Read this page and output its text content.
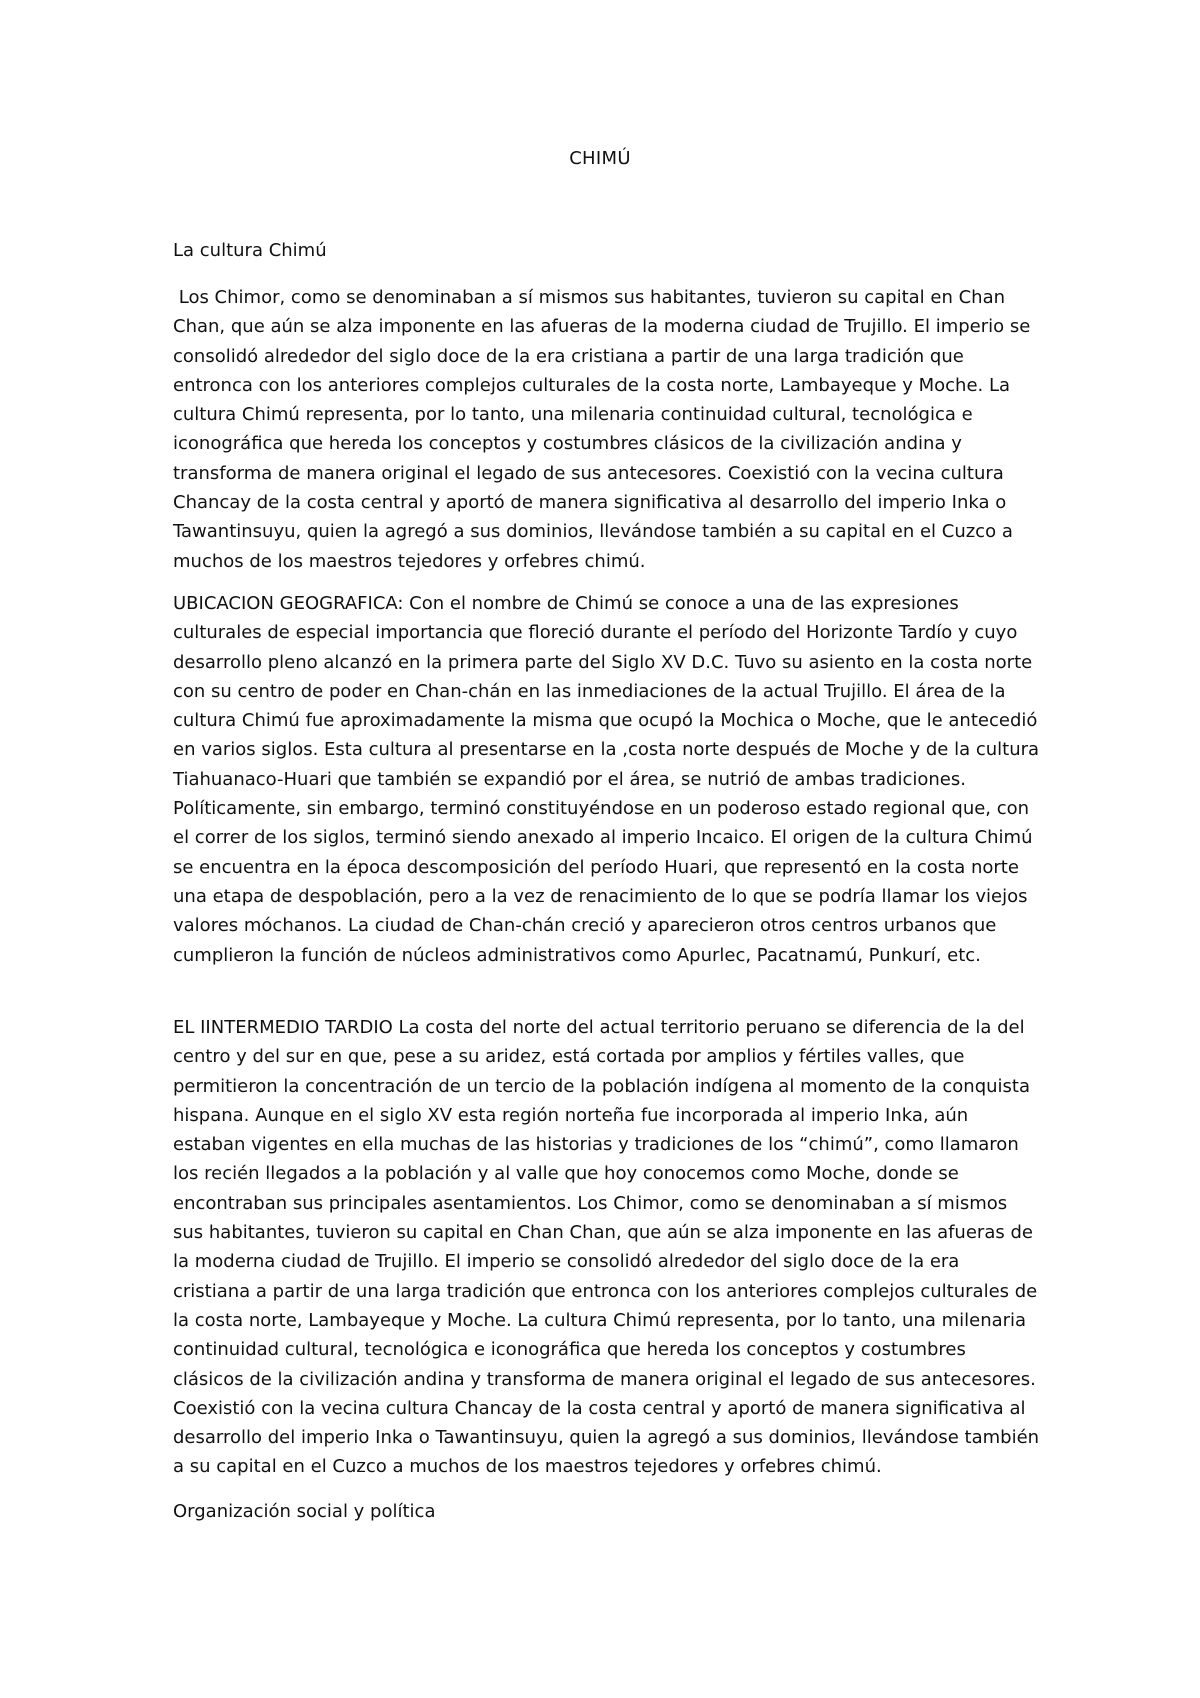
CHIMÚ

La cultura Chimú

Los Chimor, como se denominaban a sí mismos sus habitantes, tuvieron su capital en Chan Chan, que aún se alza imponente en las afueras de la moderna ciudad de Trujillo. El imperio se consolidó alrededor del siglo doce de la era cristiana a partir de una larga tradición que entronca con los anteriores complejos culturales de la costa norte, Lambayeque y Moche. La cultura Chimú representa, por lo tanto, una milenaria continuidad cultural, tecnológica e iconográfica que hereda los conceptos y costumbres clásicos de la civilización andina y transforma de manera original el legado de sus antecesores. Coexistió con la vecina cultura Chancay de la costa central y aportó de manera significativa al desarrollo del imperio Inka o Tawantinsuyu, quien la agregó a sus dominios, llevándose también a su capital en el Cuzco a muchos de los maestros tejedores y orfebres chimú.

UBICACION GEOGRAFICA: Con el nombre de Chimú se conoce a una de las expresiones culturales de especial importancia que floreció durante el período del Horizonte Tardío y cuyo desarrollo pleno alcanzó en la primera parte del Siglo XV D.C. Tuvo su asiento en la costa norte con su centro de poder en Chan-chán en las inmediaciones de la actual Trujillo. El área de la cultura Chimú fue aproximadamente la misma que ocupó la Mochica o Moche, que le antecedió en varios siglos. Esta cultura al presentarse en la ,costa norte después de Moche y de la cultura Tiahuanaco-Huari que también se expandió por el área, se nutrió de ambas tradiciones. Políticamente, sin embargo, terminó constituyéndose en un poderoso estado regional que, con el correr de los siglos, terminó siendo anexado al imperio Incaico. El origen de la cultura Chimú se encuentra en la época descomposición del período Huari, que representó en la costa norte una etapa de despoblación, pero a la vez de renacimiento de lo que se podría llamar los viejos valores móchanos. La ciudad de Chan-chán creció y aparecieron otros centros urbanos que cumplieron la función de núcleos administrativos como Apurlec, Pacatnamú, Punkurí, etc.

EL IINTERMEDIO TARDIO La costa del norte del actual territorio peruano se diferencia de la del centro y del sur en que, pese a su aridez, está cortada por amplios y fértiles valles, que permitieron la concentración de un tercio de la población indígena al momento de la conquista hispana. Aunque en el siglo XV esta región norteña fue incorporada al imperio Inka, aún estaban vigentes en ella muchas de las historias y tradiciones de los “chimú”, como llamaron los recién llegados a la población y al valle que hoy conocemos como Moche, donde se encontraban sus principales asentamientos. Los Chimor, como se denominaban a sí mismos sus habitantes, tuvieron su capital en Chan Chan, que aún se alza imponente en las afueras de la moderna ciudad de Trujillo. El imperio se consolidó alrededor del siglo doce de la era cristiana a partir de una larga tradición que entronca con los anteriores complejos culturales de la costa norte, Lambayeque y Moche. La cultura Chimú representa, por lo tanto, una milenaria continuidad cultural, tecnológica e iconográfica que hereda los conceptos y costumbres clásicos de la civilización andina y transforma de manera original el legado de sus antecesores. Coexistió con la vecina cultura Chancay de la costa central y aportó de manera significativa al desarrollo del imperio Inka o Tawantinsuyu, quien la agregó a sus dominios, llevándose también a su capital en el Cuzco a muchos de los maestros tejedores y orfebres chimú.

Organización social y política
